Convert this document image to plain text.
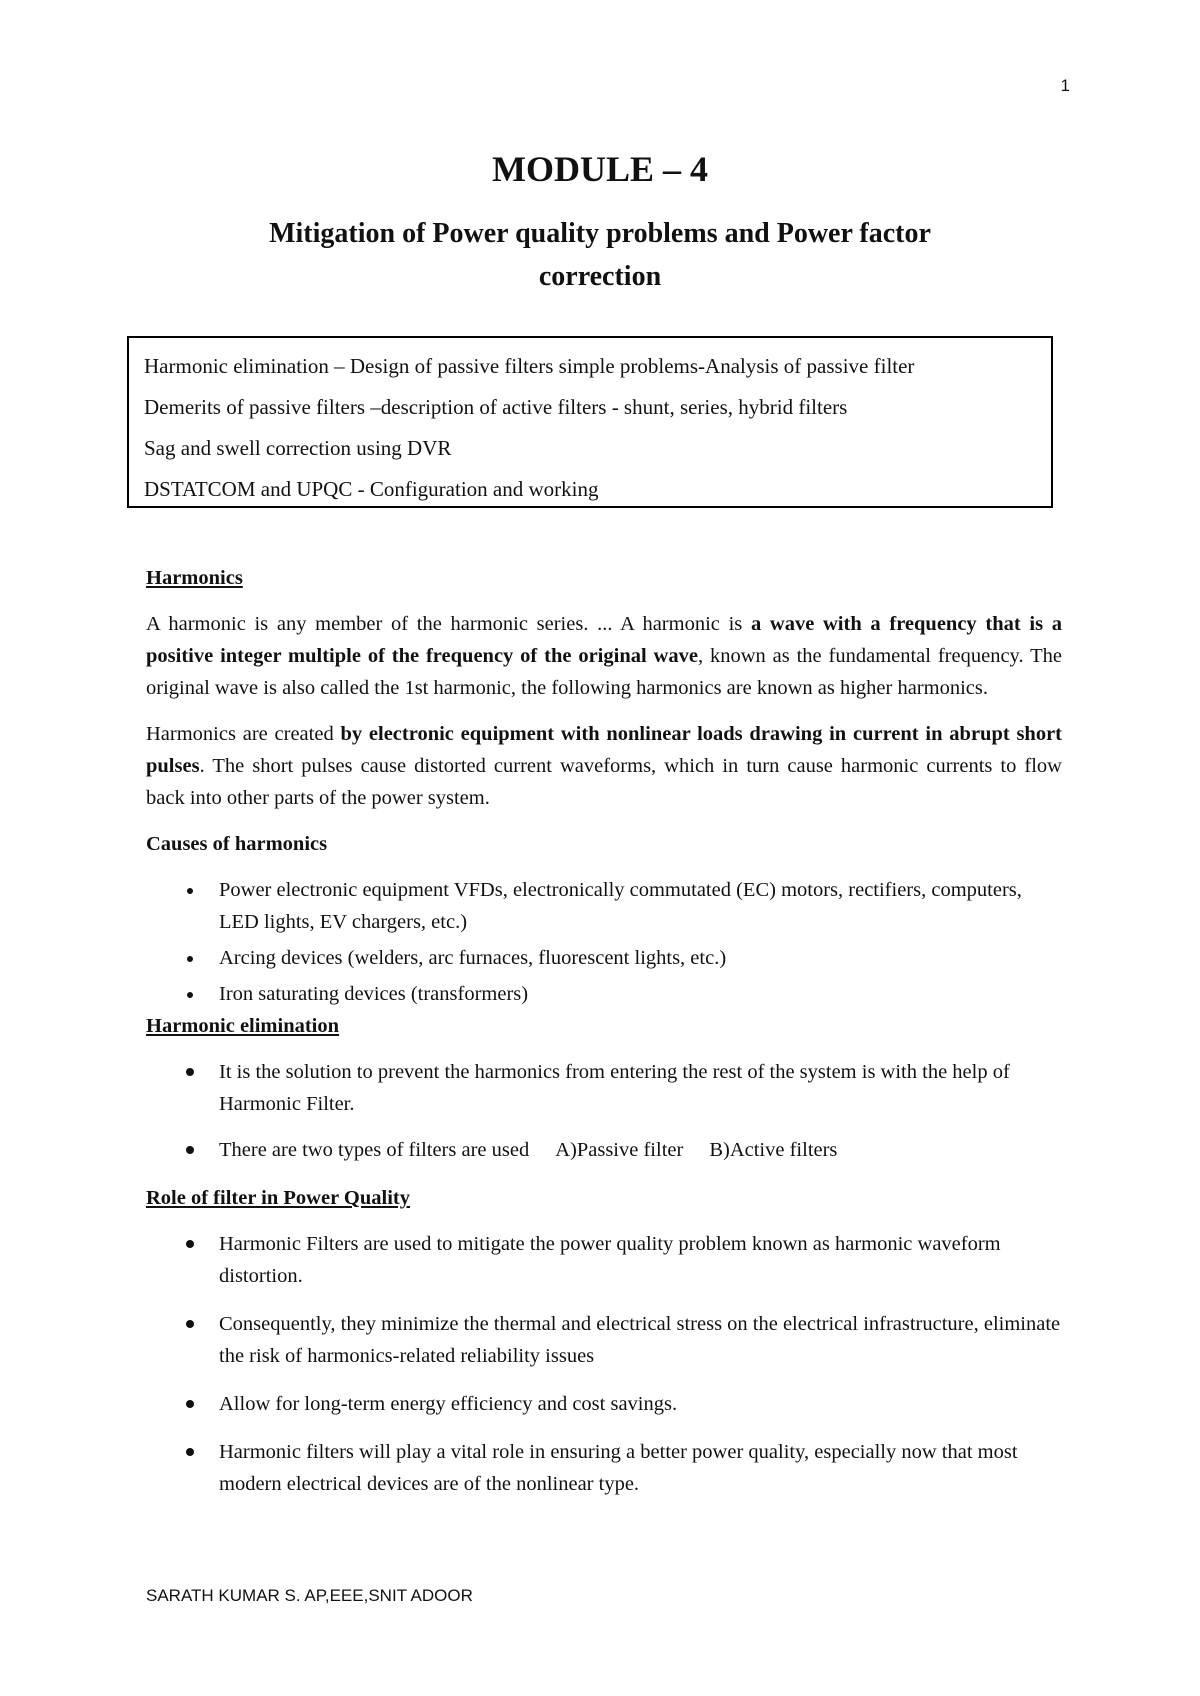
1
MODULE – 4
Mitigation of Power quality problems and Power factor
correction
Harmonic elimination – Design of passive filters simple problems-Analysis of passive filter
Demerits of passive filters –description of active filters - shunt, series, hybrid filters
Sag and swell correction using DVR
DSTATCOM and UPQC - Configuration and working
Harmonics
A harmonic is any member of the harmonic series. ... A harmonic is a wave with a frequency that is a positive integer multiple of the frequency of the original wave, known as the fundamental frequency. The original wave is also called the 1st harmonic, the following harmonics are known as higher harmonics.
Harmonics are created by electronic equipment with nonlinear loads drawing in current in abrupt short pulses. The short pulses cause distorted current waveforms, which in turn cause harmonic currents to flow back into other parts of the power system.
Causes of harmonics
Power electronic equipment VFDs, electronically commutated (EC) motors, rectifiers, computers, LED lights, EV chargers, etc.)
Arcing devices (welders, arc furnaces, fluorescent lights, etc.)
Iron saturating devices (transformers)
Harmonic elimination
It is the solution to prevent the harmonics from entering the rest of the system is with the help of Harmonic Filter.
There are two types of filters are used A)Passive filter B)Active filters
Role of filter in Power Quality
Harmonic Filters are used to mitigate the power quality problem known as harmonic waveform distortion.
Consequently, they minimize the thermal and electrical stress on the electrical infrastructure, eliminate the risk of harmonics-related reliability issues
Allow for long-term energy efficiency and cost savings.
Harmonic filters will play a vital role in ensuring a better power quality, especially now that most modern electrical devices are of the nonlinear type.
SARATH KUMAR S. AP,EEE,SNIT ADOOR
